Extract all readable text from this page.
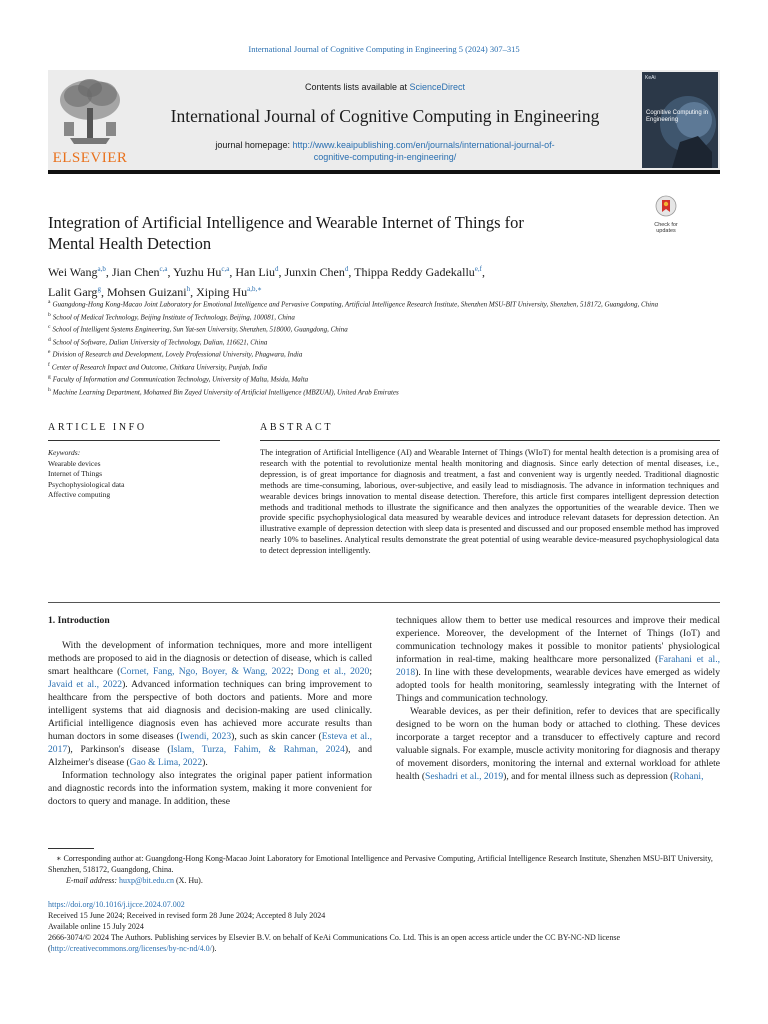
International Journal of Cognitive Computing in Engineering 5 (2024) 307–315
ELSEVIER
Contents lists available at ScienceDirect
International Journal of Cognitive Computing in Engineering
journal homepage: http://www.keaipublishing.com/en/journals/international-journal-of-
cognitive-computing-in-engineering/
KeAi
Cognitive Computing in Engineering
Check for
updates
Integration of Artificial Intelligence and Wearable Internet of Things for
Mental Health Detection
Wei Wang$^{a,b}$, Jian Chen$^{c,a}$, Yuzhu Hu$^{c,a}$, Han Liu$^d$, Junxin Chen$^d$, Thippa Reddy Gadekallu$^{e,f}$,
Lalit Garg$^g$, Mohsen Guizani$^h$, Xiping $Hu^{a,b,∗}$
$^a$ Guangdong-Hong Kong-Macao Joint Laboratory for Emotional Intelligence and Pervasive Computing, Artificial Intelligence Research Institute, Shenzhen MSU-BIT University, Shenzhen, 518172, Guangdong, China
$^b$ School of Medical Technology, Beijing Institute of Technology, Beijing, 100081, China
$^c$ School of Intelligent Systems Engineering, Sun Yat-sen University, Shenzhen, 518000, Guangdong, China
$^d$ School of Software, Dalian University of Technology, Dalian, 116621, China
$^e$ Division of Research and Development, Lovely Professional University, Phagwara, India
$^f$ Center of Research Impact and Outcome, Chitkara University, Punjab, India
$^g$ Faculty of Information and Communication Technology, University of Malta, Msida, Malta
$^h$ Machine Learning Department, Mohamed Bin Zayed University of Artificial Intelligence (MBZUAI), United Arab Emirates
ARTICLE INFO	ABSTRACT
Keywords:
Wearable devices
Internet of Things
Psychophysiological data
Affective computing
The integration of Artificial Intelligence (AI) and Wearable Internet of Things (WIoT) for mental health detection is a promising area of research with the potential to revolutionize mental health monitoring and diagnosis. Since early detection of mental diseases, i.e., depression, is of great importance for diagnosis and treatment, a fast and convenient way is urgently needed. Traditional diagnostic methods are time-consuming, laborious, over-subjective, and easily lead to misdiagnosis. The advance in information techniques and wearable devices brings innovation to mental disease detection. Therefore, this article first compares intelligent depression detection methods and traditional methods to illustrate the significance and then analyzes the opportunities of the wearable device. Then we provide specific psychophysiological data measured by wearable devices and introduce relevant datasets for depression detection. An illustrative example of depression detection with sleep data is presented and discussed and our proposed ensemble method has improved nearly 10% to baselines. Analytical results demonstrate the great potential of using wearable device-measured psychophysiological data to detect depression intelligently.
1. Introduction

With the development of information techniques, more and more intelligent methods are proposed to aid in the diagnosis or detection of disease, which is called smart healthcare (Cornet, Fang, Ngo, Boyer, & Wang, 2022; Dong et al., 2020; Javaid et al., 2022). Advanced information techniques can bring improvement to healthcare from the perspective of both doctors and patients. More and more intelligent systems that aid diagnosis and decision-making are used clinically. Artificial intelligence diagnosis even has achieved more accurate results than human doctors in some diseases (Iwendi, 2023), such as skin cancer (Esteva et al., 2017), Parkinson's disease (Islam, Turza, Fahim, & Rahman, 2024), and Alzheimer's disease (Gao & Lima, 2022).

Information technology also integrates the original paper patient information and diagnostic records into the information system, making it more convenient for doctors to query and manage. In addition, these

techniques allow them to better use medical resources and improve their medical experience. Moreover, the development of the Internet of Things (IoT) and communication technology makes it possible to monitor patients' physiological information in real-time, making healthcare more personalized (Farahani et al., 2018). In line with these developments, wearable devices have emerged as widely adopted tools for health monitoring, seamlessly integrating with the Internet of Things and communication technology.

Wearable devices, as per their definition, refer to devices that are specifically designed to be worn on the human body or attached to clothing. These devices incorporate a target receptor and a transducer to effectively capture and record valuable signals. For example, muscle activity monitoring for diagnosis and therapy of movement disorders, monitoring the internal and external workload for athlete health (Seshadri et al., 2019), and for mental illness such as depression (Rohani,

∗ Corresponding author at: Guangdong-Hong Kong-Macao Joint Laboratory for Emotional Intelligence and Pervasive Computing, Artificial Intelligence Research Institute, Shenzhen MSU-BIT University, Shenzhen, 518172, Guangdong, China.
E-mail address: huxp@bit.edu.cn (X. Hu).
https://doi.org/10.1016/j.ijcce.2024.07.002
Received 15 June 2024; Received in revised form 28 June 2024; Accepted 8 July 2024
Available online 15 July 2024
2666-3074/© 2024 The Authors. Publishing services by Elsevier B.V. on behalf of KeAi Communications Co. Ltd. This is an open access article under the CC BY-NC-ND license (http://creativecommons.org/licenses/by-nc-nd/4.0/).
